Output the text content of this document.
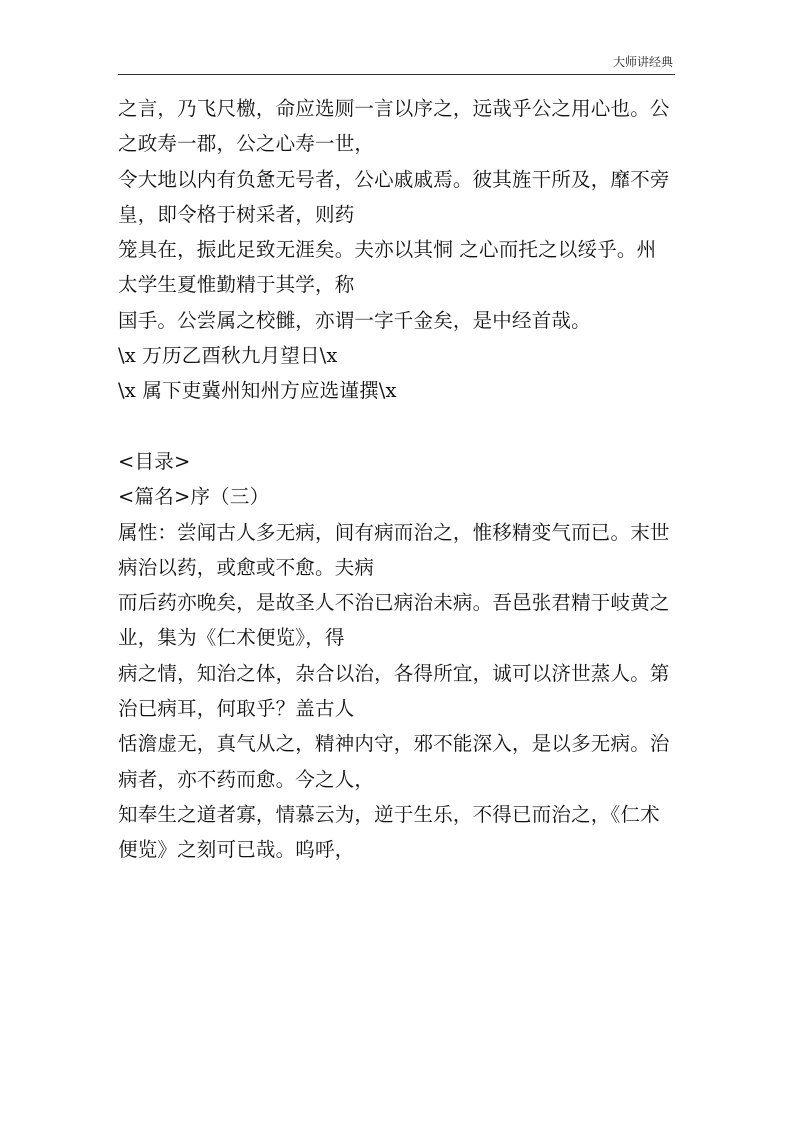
大师讲经典
之言，乃飞尺檄，命应选厕一言以序之，远哉乎公之用心也。公
之政寿一郡，公之心寿一世，
令大地以内有负惫无号者，公心戚戚焉。彼其旌干所及，靡不旁
皇，即令格于树采者，则药
笼具在，振此足致无涯矣。夫亦以其恫 之心而托之以绥乎。州
太学生夏惟勤精于其学，称
国手。公尝属之校雠，亦谓一字千金矣，是中经首哉。
\x 万历乙酉秋九月望日\x
\x 属下吏冀州知州方应选谨撰\x
<目录>
<篇名>序（三）
属性：尝闻古人多无病，间有病而治之，惟移精变气而已。末世
病治以药，或愈或不愈。夫病
而后药亦晚矣，是故圣人不治已病治未病。吾邑张君精于岐黄之
业，集为《仁术便览》，得
病之情，知治之体，杂合以治，各得所宜，诚可以济世蒸人。第
治已病耳，何取乎？盖古人
恬澹虚无，真气从之，精神内守，邪不能深入，是以多无病。治
病者，亦不药而愈。今之人，
知奉生之道者寡，情慕云为，逆于生乐，不得已而治之，《仁术
便览》之刻可已哉。呜呼，
